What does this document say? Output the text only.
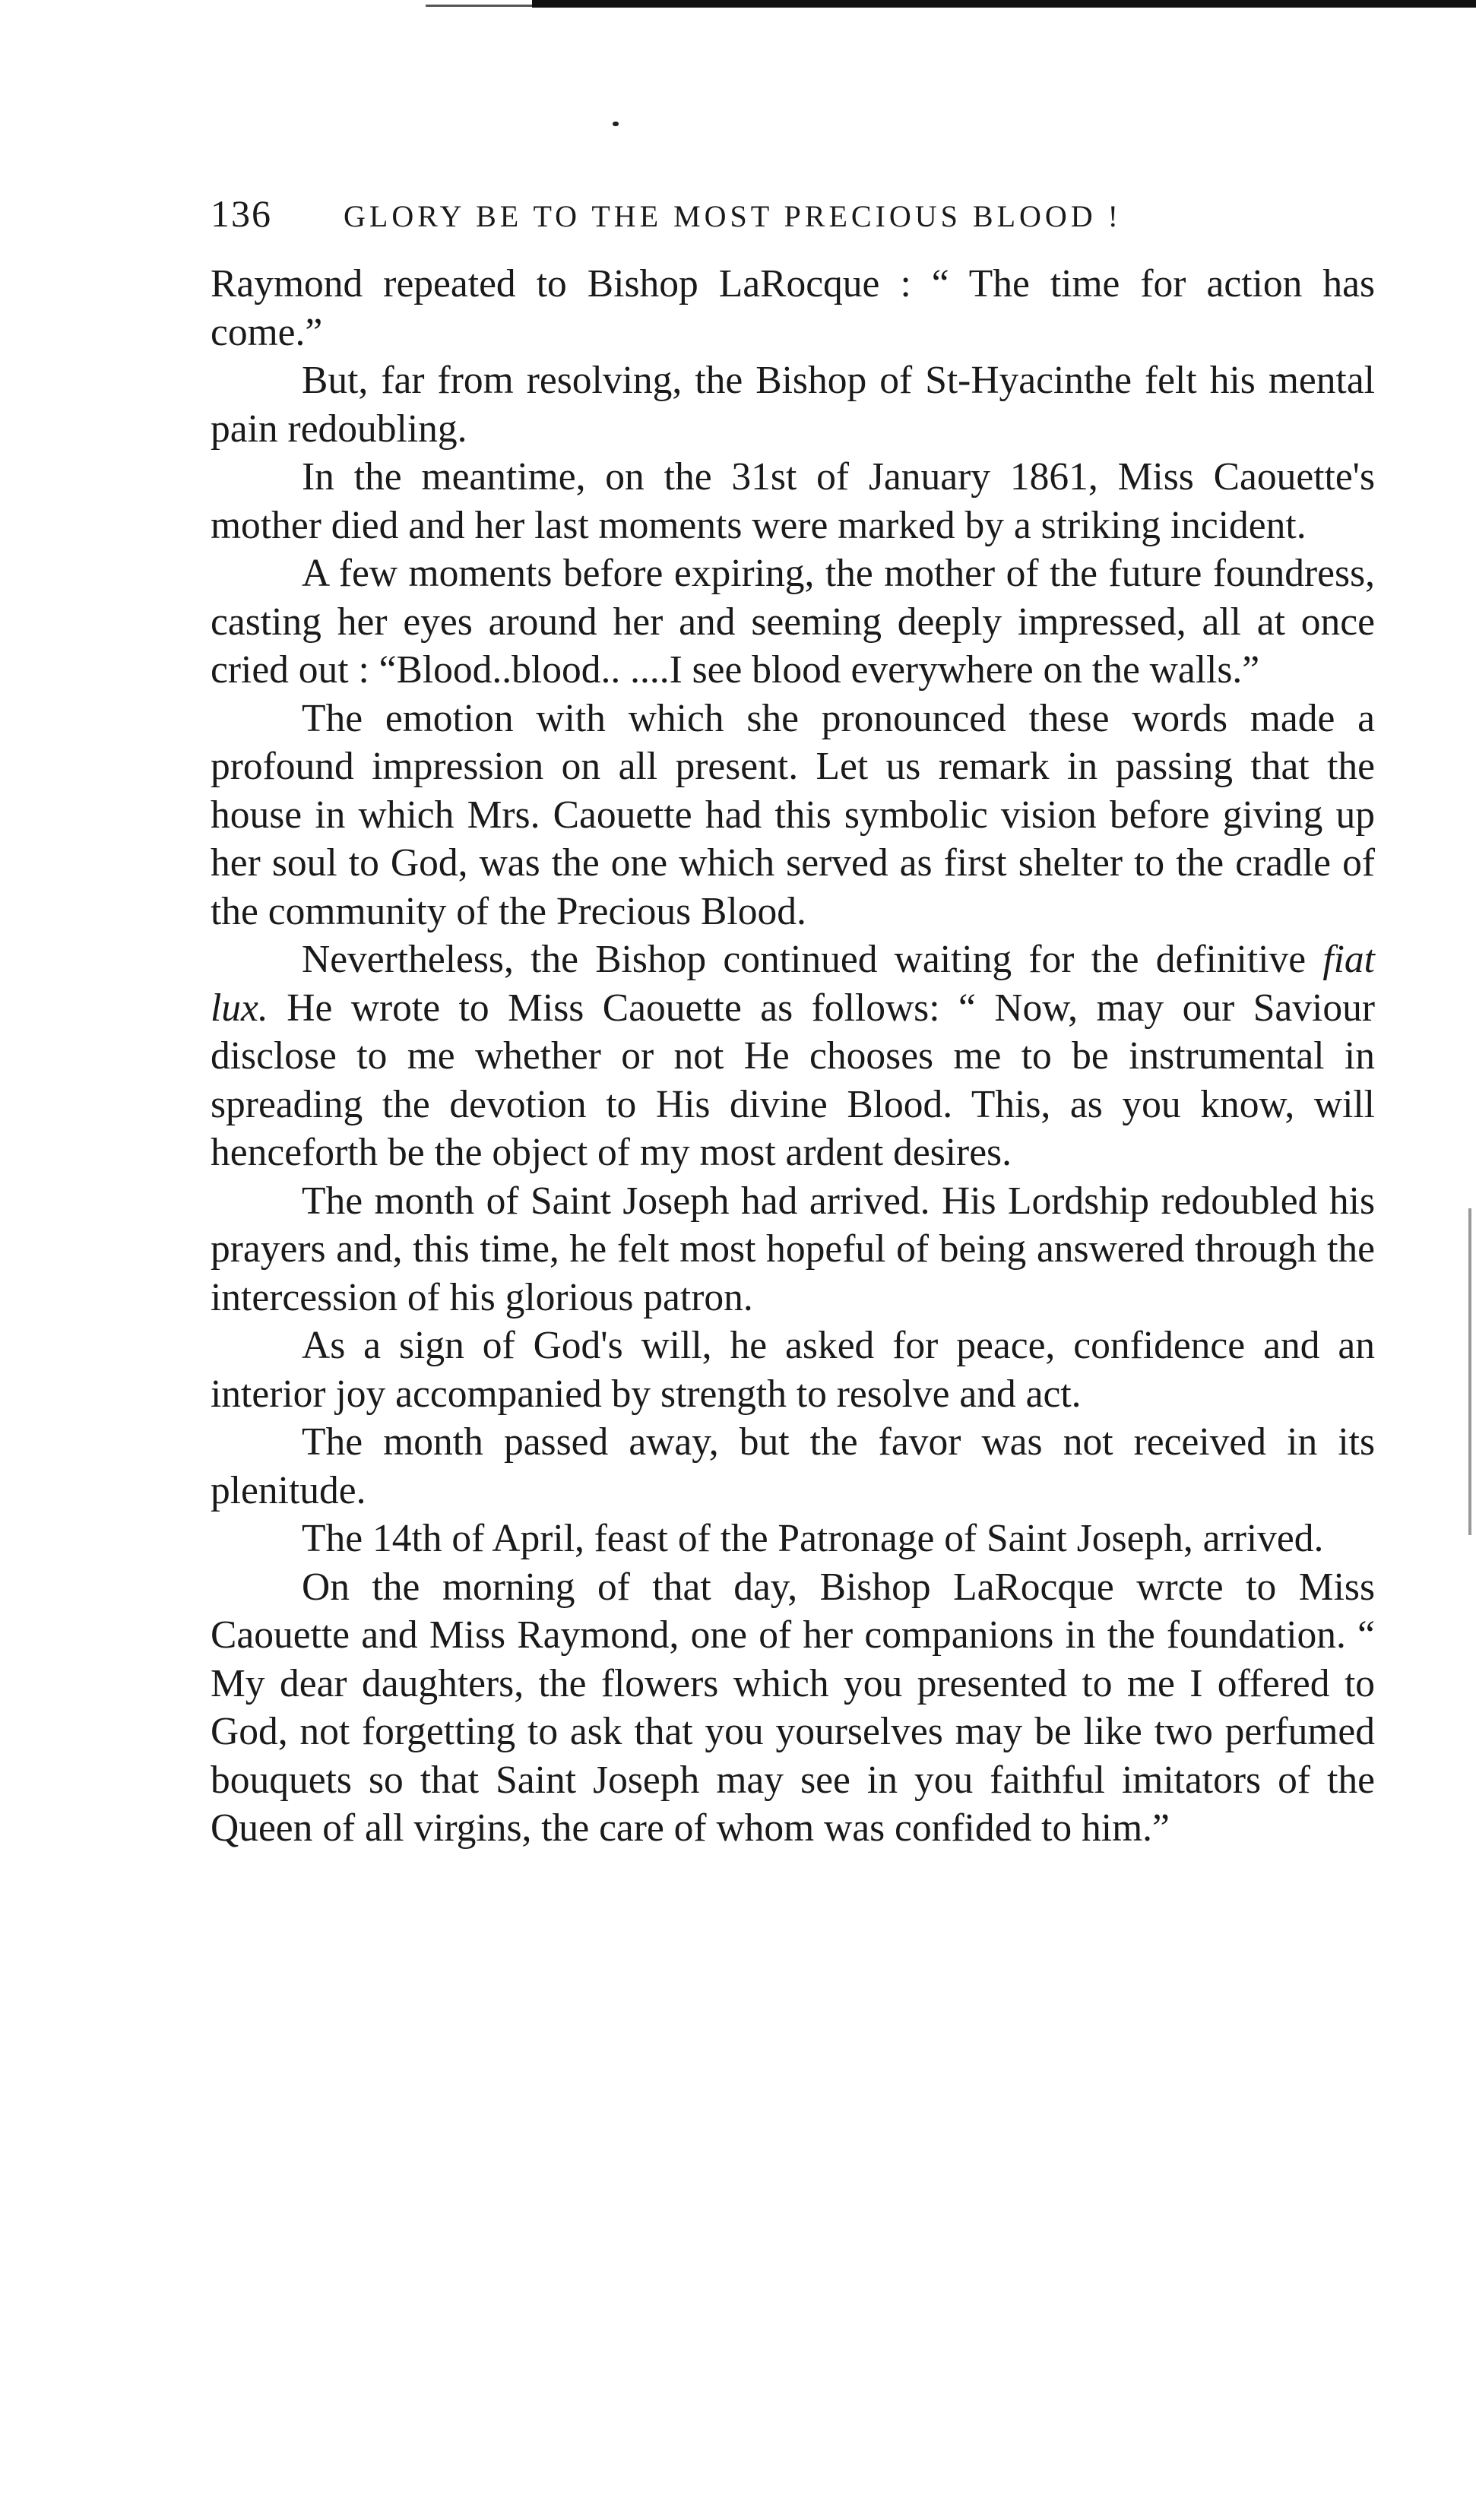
136	GLORY BE TO THE MOST PRECIOUS BLOOD !

Raymond repeated to Bishop LaRocque : “ The time for action has come.”

But, far from resolving, the Bishop of St-Hyacinthe felt his mental pain redoubling.

In the meantime, on the 31st of January 1861, Miss Caouette's mother died and her last moments were marked by a striking incident.

A few moments before expiring, the mother of the future foundress, casting her eyes around her and seeming deeply impressed, all at once cried out : “Blood..blood.. ....I see blood everywhere on the walls.”

The emotion with which she pronounced these words made a profound impression on all present. Let us remark in passing that the house in which Mrs. Caouette had this symbolic vision before giving up her soul to God, was the one which served as first shelter to the cradle of the community of the Precious Blood.

Nevertheless, the Bishop continued waiting for the definitive fiat lux. He wrote to Miss Caouette as follows: “ Now, may our Saviour disclose to me whether or not He chooses me to be instrumental in spreading the devotion to His divine Blood. This, as you know, will henceforth be the object of my most ardent desires.

The month of Saint Joseph had arrived. His Lordship redoubled his prayers and, this time, he felt most hopeful of being answered through the intercession of his glorious patron.

As a sign of God's will, he asked for peace, confidence and an interior joy accompanied by strength to resolve and act.

The month passed away, but the favor was not received in its plenitude.

The 14th of April, feast of the Patronage of Saint Joseph, arrived.

On the morning of that day, Bishop LaRocque wrcte to Miss Caouette and Miss Raymond, one of her companions in the foundation. “ My dear daughters, the flowers which you presented to me I offered to God, not forgetting to ask that you yourselves may be like two perfumed bouquets so that Saint Joseph may see in you faithful imitators of the Queen of all virgins, the care of whom was confided to him.”
